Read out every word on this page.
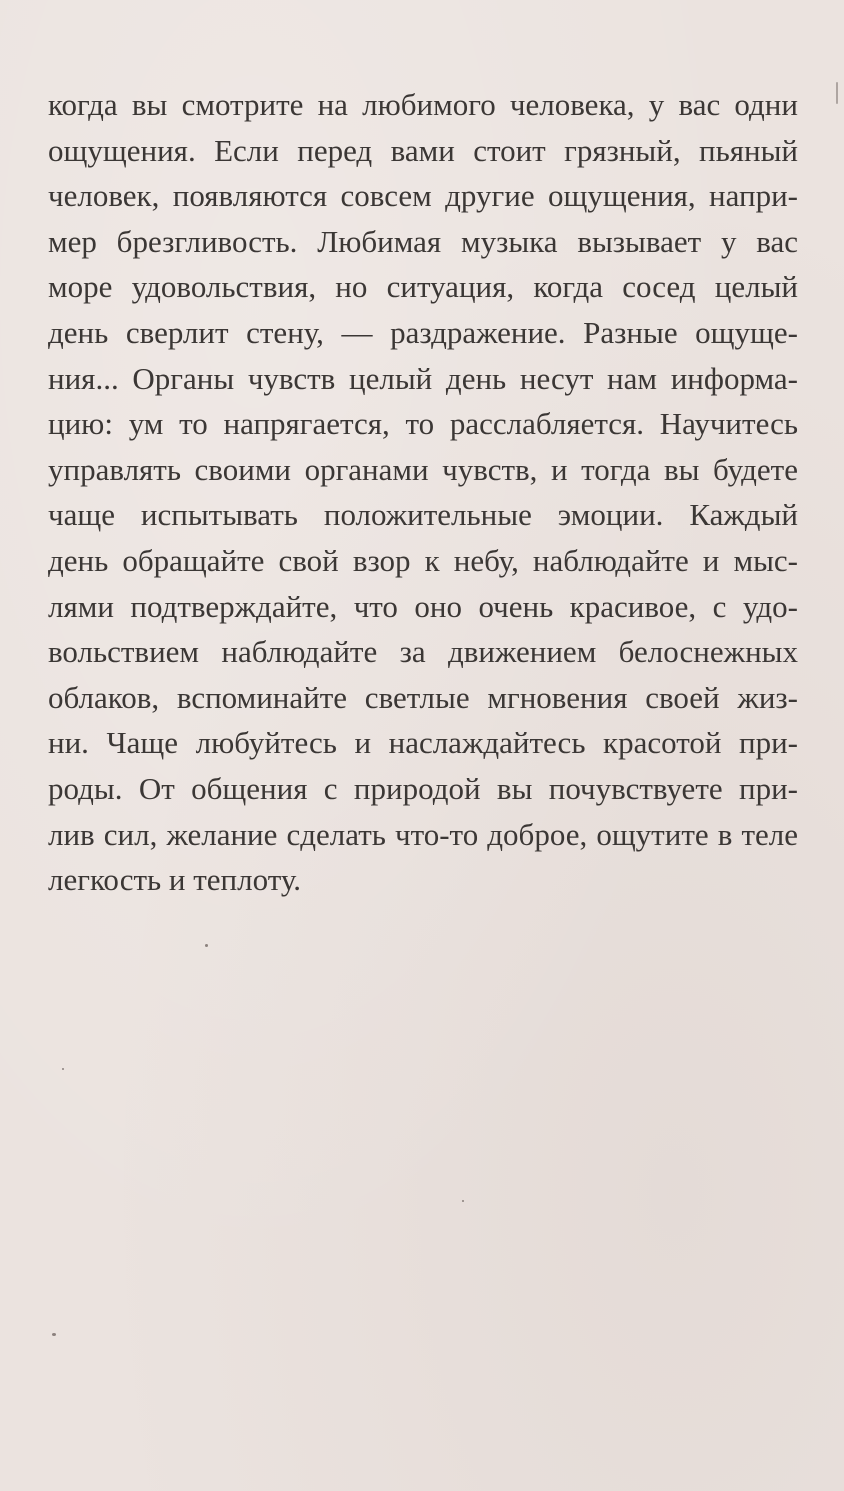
когда вы смотрите на любимого человека, у вас одни
ощущения. Если перед вами стоит грязный, пьяный
человек, появляются совсем другие ощущения, напри-
мер брезгливость. Любимая музыка вызывает у вас
море удовольствия, но ситуация, когда сосед целый
день сверлит стену, — раздражение. Разные ощуще-
ния... Органы чувств целый день несут нам информа-
цию: ум то напрягается, то расслабляется. Научитесь
управлять своими органами чувств, и тогда вы будете
чаще испытывать положительные эмоции. Каждый
день обращайте свой взор к небу, наблюдайте и мыс-
лями подтверждайте, что оно очень красивое, с удо-
вольствием наблюдайте за движением белоснежных
облаков, вспоминайте светлые мгновения своей жиз-
ни. Чаще любуйтесь и наслаждайтесь красотой при-
роды. От общения с природой вы почувствуете при-
лив сил, желание сделать что-то доброе, ощутите в теле
легкость и теплоту.
